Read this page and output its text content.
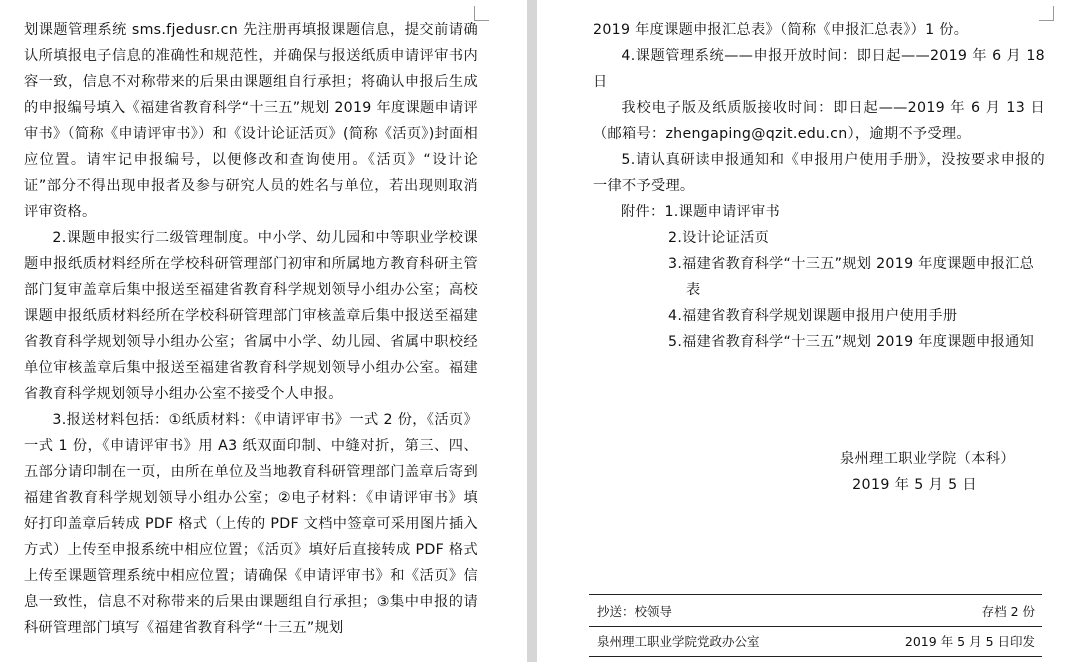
划课题管理系统 sms.fjedusr.cn 先注册再填报课题信息，提交前请确认所填报电子信息的准确性和规范性，并确保与报送纸质申请评审书内容一致，信息不对称带来的后果由课题组自行承担；将确认申报后生成的申报编号填入《福建省教育科学“十三五”规划 2019 年度课题申请评审书》（简称《申请评审书》）和《设计论证活页》(简称《活页》)封面相应位置。请牢记申报编号，以便修改和查询使用。《活页》“设计论证”部分不得出现申报者及参与研究人员的姓名与单位，若出现则取消评审资格。

2.课题申报实行二级管理制度。中小学、幼儿园和中等职业学校课题申报纸质材料经所在学校科研管理部门初审和所属地方教育科研主管部门复审盖章后集中报送至福建省教育科学规划领导小组办公室；高校课题申报纸质材料经所在学校科研管理部门审核盖章后集中报送至福建省教育科学规划领导小组办公室；省属中小学、幼儿园、省属中职校经单位审核盖章后集中报送至福建省教育科学规划领导小组办公室。福建省教育科学规划领导小组办公室不接受个人申报。

3.报送材料包括：①纸质材料：《申请评审书》一式 2 份，《活页》一式 1 份，《申请评审书》用 A3 纸双面印制、中缝对折，第三、四、五部分请印制在一页，由所在单位及当地教育科研管理部门盖章后寄到福建省教育科学规划领导小组办公室；②电子材料：《申请评审书》填好打印盖章后转成 PDF 格式（上传的 PDF 文档中签章可采用图片插入方式）上传至申报系统中相应位置；《活页》填好后直接转成 PDF 格式上传至课题管理系统中相应位置；请确保《申请评审书》和《活页》信息一致性，信息不对称带来的后果由课题组自行承担；③集中申报的请科研管理部门填写《福建省教育科学“十三五”规划

2019 年度课题申报汇总表》（简称《申报汇总表》）1 份。

4.课题管理系统——申报开放时间：即日起——2019 年 6 月 18 日

我校电子版及纸质版接收时间：即日起——2019 年 6 月 13 日（邮箱号：zhengaping@qzit.edu.cn），逾期不予受理。

5.请认真研读申报通知和《申报用户使用手册》，没按要求申报的一律不予受理。

附件：1.课题申请评审书

2.设计论证活页

3.福建省教育科学“十三五”规划 2019 年度课题申报汇总

表

4.福建省教育科学规划课题申报用户使用手册

5.福建省教育科学“十三五”规划 2019 年度课题申报通知

泉州理工职业学院（本科）
2019 年 5 月 5 日
抄送：校领导	存档 2 份
泉州理工职业学院党政办公室	2019 年 5 月 5 日印发
